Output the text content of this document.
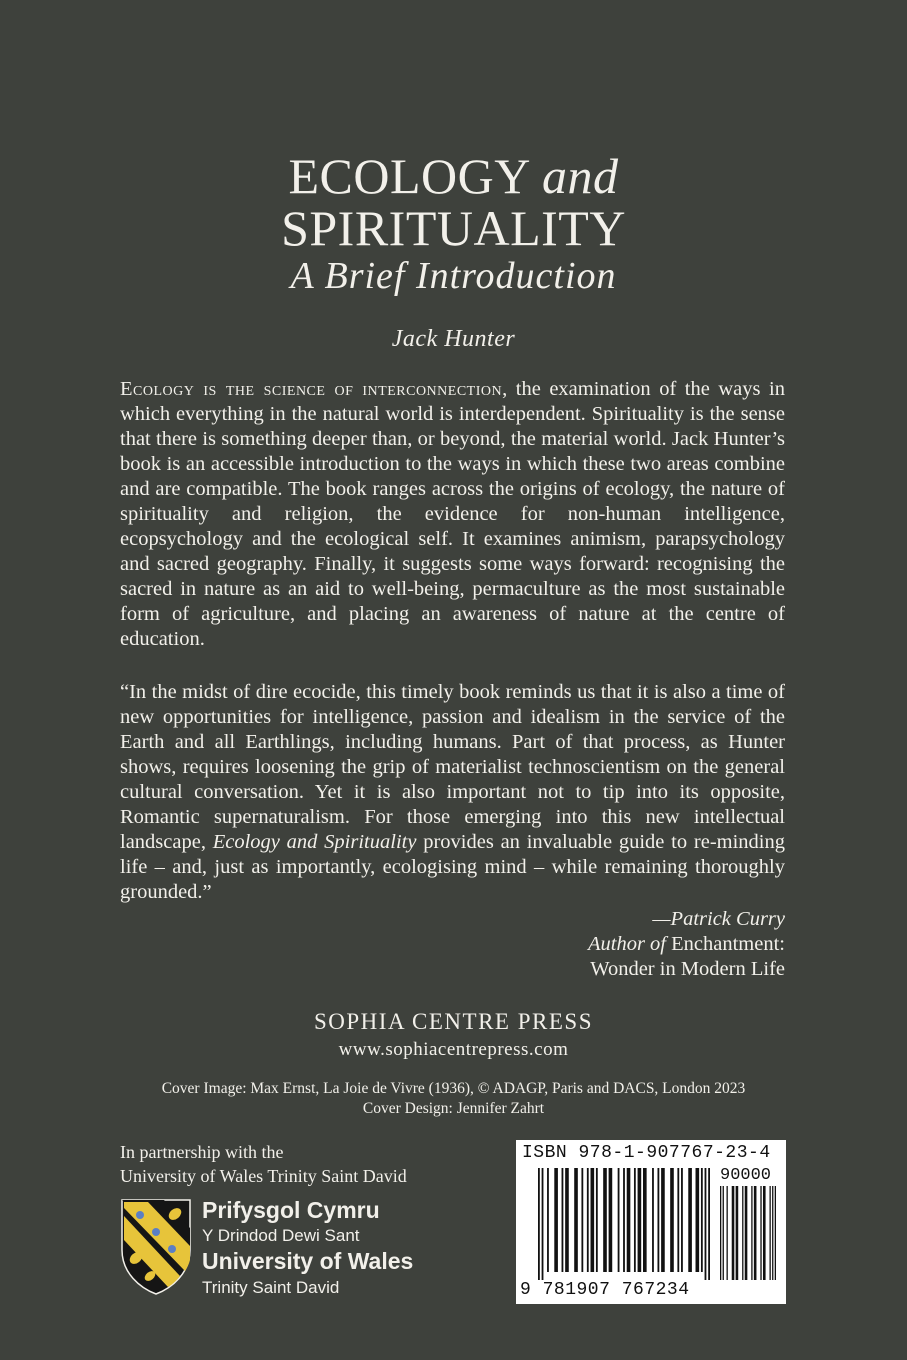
ECOLOGY and
SPIRITUALITY
A Brief Introduction
Jack Hunter
Ecology is the science of interconnection, the examination of the ways in which everything in the natural world is interdependent. Spirituality is the sense that there is something deeper than, or beyond, the material world. Jack Hunter’s book is an accessible introduction to the ways in which these two areas combine and are compatible. The book ranges across the origins of ecology, the nature of spirituality and religion, the evidence for non-human intelligence, ecopsychology and the ecological self. It examines animism, parapsychology and sacred geography. Finally, it suggests some ways forward: recognising the sacred in nature as an aid to well-being, permaculture as the most sustainable form of agriculture, and placing an awareness of nature at the centre of education.
“In the midst of dire ecocide, this timely book reminds us that it is also a time of new opportunities for intelligence, passion and idealism in the service of the Earth and all Earthlings, including humans. Part of that process, as Hunter shows, requires loosening the grip of materialist technoscientism on the general cultural conversation. Yet it is also important not to tip into its opposite, Romantic supernaturalism. For those emerging into this new intellectual landscape, Ecology and Spirituality provides an invaluable guide to re-minding life – and, just as importantly, ecologising mind – while remaining thoroughly grounded.”
—Patrick Curry
Author of Enchantment:
Wonder in Modern Life
SOPHIA CENTRE PRESS
www.sophiacentrepress.com
Cover Image: Max Ernst, La Joie de Vivre (1936), © ADAGP, Paris and DACS, London 2023
Cover Design: Jennifer Zahrt
In partnership with the
University of Wales Trinity Saint David
Prifysgol Cymru
Y Drindod Dewi Sant
University of Wales
Trinity Saint David
ISBN 978-1-907767-23-4
90000
9 781907 767234
